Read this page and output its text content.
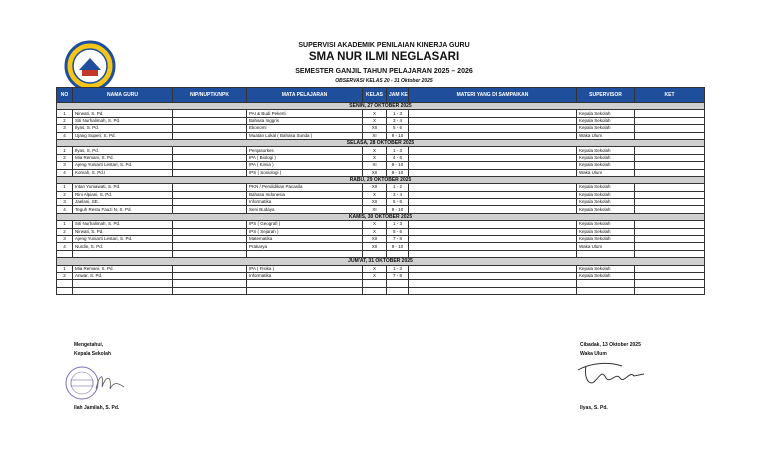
SUPERVISI AKADEMIK PENILAIAN KINERJA GURU
SMA NUR ILMI NEGLASARI
SEMESTER GANJIL TAHUN PELAJARAN 2025 – 2026
OBSERVASI KELAS 20 - 31 Oktober 2025
NO	NAMA GURU	NIP/NUPTK/NPK	MATA PELAJARAN	KELAS	JAM KE	MATERI YANG DI SAMPAIKAN	SUPERVISOR	KET
SENIN, 27 OKTOBER 2025								
1	Nirwati, S. Pd.		PAI & Budi Pekerti	X	1 - 3		Kepala Sekolah	
2	Siti Nurhalimah, S. Pd.		Bahasa Inggris	X	3 - 4		Kepala Sekolah	
3	Ilyas, S. Pd.		Ekonomi	XII	5 - 6		Kepala Sekolah	
4	Ujang Superi, S. Pd.		Muatan Lokal ( Bahasa Sunda )	XI	9 - 10		Waka Ulum	
SELASA, 28 OKTOBER 2025								
1	Ilyas, S. Pd.		Penjasorkes	X	1 - 3		Kepala Sekolah	
2	Mia Remani, S. Pd.		IPA ( Biologi )	X	4 - 6		Kepala Sekolah	
3	Ajeng Yuniarti Lestari, S. Pd.		IPA ( Kimia )	XI	9 - 10		Kepala Sekolah	
4	Komah, S. Pd.I		IPS ( Sosiologi )	XII	9 - 10		Waka Ulum	
RABU, 29 OKTOBER 2025								
1	Intan Yuniawati, S. Pd.		PKN / Pendidikan Pacasila	XII	1 - 2		Kepala Sekolah	
2	Rini Alpiani, S. Pd.		Bahasa Indonesia	X	3 - 4		Kepala Sekolah	
3	Jaelani, SE.		Informatika	XII	5 - 6		Kepala Sekolah	
4	Teguh Restu Fauzi N, S. Pd.		Seni Budaya	XI	9 - 10		Kepala Sekolah	
KAMIS, 30 OKTOBER 2025								
1	Siti Nurhalimah, S. Pd.		IPS ( Geografi )	X	1 - 3		Kepala Sekolah	
2	Nirwati, S. Pd.		IPS ( Sejarah )	X	5 - 6		Kepala Sekolah	
3	Ajeng Yuniarti Lestari, S. Pd.		Matematika	XII	7 - 8		Kepala Sekolah	
4	Nurdin, S. Pd.		Prakarya	XII	9 - 10		Waka Ulum	

JUM'AT, 31 OKTOBER 2025								
1	Mia Remani, S. Pd.		IPA ( Fisika )	X	1 - 3		Kepala Sekolah	
2	Anwar, S. Pd.		Informatika	X	7 - 8		Kepala Sekolah	

Mengetahui,
Kepala Sekolah
Ilah Jamilah, S. Pd.
Cibadak, 13 Oktober 2025
Waka Ulum
Ilyas, S. Pd.
